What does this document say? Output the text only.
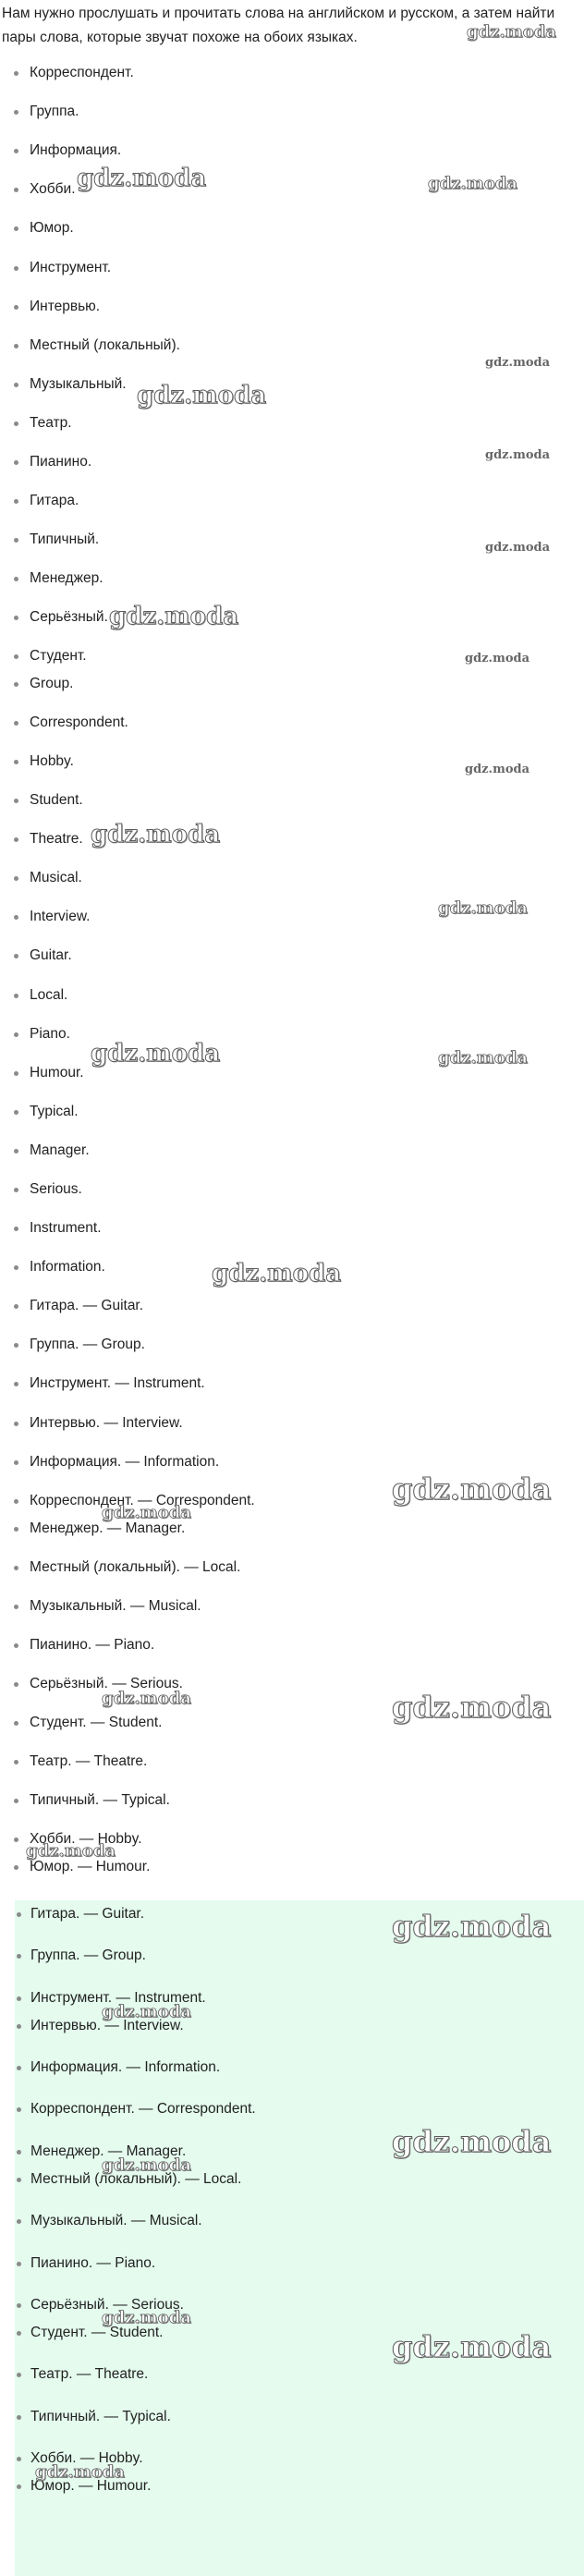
Нам нужно прослушать и прочитать слова на английском и русском, а затем найти пары слова, которые звучат похоже на обоих языках.

Корреспондент.
Группа.
Информация.
Хобби.
Юмор.
Инструмент.
Интервью.
Местный (локальный).
Музыкальный.
Театр.
Пианино.
Гитара.
Типичный.
Менеджер.
Серьёзный.
Студент.
Group.
Correspondent.
Hobby.
Student.
Theatre.
Musical.
Interview.
Guitar.
Local.
Piano.
Humour.
Typical.
Manager.
Serious.
Instrument.
Information.
Гитара. — Guitar.
Группа. — Group.
Инструмент. — Instrument.
Интервью. — Interview.
Информация. — Information.
Корреспондент. — Correspondent.
Менеджер. — Manager.
Местный (локальный). — Local.
Музыкальный. — Musical.
Пианино. — Piano.
Серьёзный. — Serious.
Студент. — Student.
Театр. — Theatre.
Типичный. — Typical.
Хобби. — Hobby.
Юмор. — Humour.
Гитара. — Guitar.
Группа. — Group.
Инструмент. — Instrument.
Интервью. — Interview.
Информация. — Information.
Корреспондент. — Correspondent.
Менеджер. — Manager.
Местный (локальный). — Local.
Музыкальный. — Musical.
Пианино. — Piano.
Серьёзный. — Serious.
Студент. — Student.
Театр. — Theatre.
Типичный. — Typical.
Хобби. — Hobby.
Юмор. — Humour.
gdz.moda
gdz.moda	gdz.moda
gdz.moda
gdz.moda
gdz.moda
gdz.moda
gdz.moda
gdz.moda
gdz.moda
gdz.moda
gdz.moda
gdz.moda	gdz.moda
gdz.moda
gdz.moda
gdz.moda
gdz.moda
gdz.moda
gdz.moda
gdz.moda
gdz.moda
gdz.moda
gdz.moda
gdz.moda
gdz.moda
gdz.moda
